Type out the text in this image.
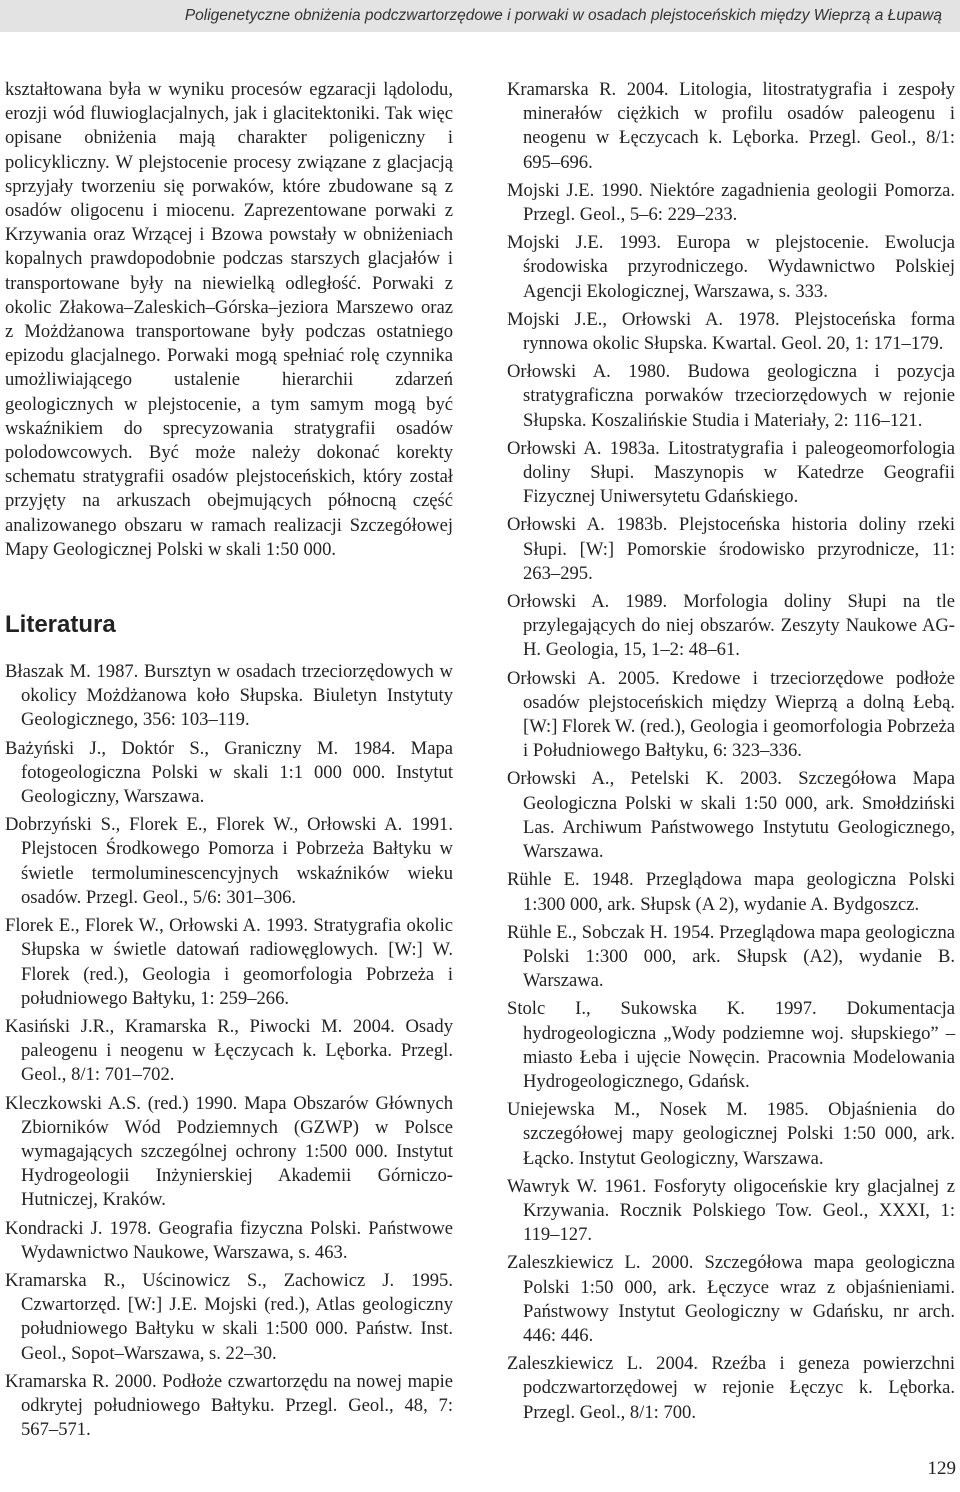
Poligenetyczne obniżenia podczwartorzędowe i porwaki w osadach plejstoceńskich między Wieprzą a Łupawą

kształtowana była w wyniku procesów egzaracji lądolodu, erozji wód fluwioglacjalnych, jak i glacitektoniki. Tak więc opisane obniżenia mają charakter poligeniczny i policykliczny. W plejstocenie procesy związane z glacjacją sprzyjały tworzeniu się porwaków, które zbudowane są z osadów oligocenu i miocenu. Zaprezentowane porwaki z Krzywania oraz Wrzącej i Bzowa powstały w obniżeniach kopalnych prawdopodobnie podczas starszych glacjałów i transportowane były na niewielką odległość. Porwaki z okolic Złakowa–Zaleskich–Górska–jeziora Marszewo oraz z Możdżanowa transportowane były podczas ostatniego epizodu glacjalnego. Porwaki mogą spełniać rolę czynnika umożliwiającego ustalenie hierarchii zdarzeń geologicznych w plejstocenie, a tym samym mogą być wskaźnikiem do sprecyzowania stratygrafii osadów polodowcowych. Być może należy dokonać korekty schematu stratygrafii osadów plejstoceńskich, który został przyjęty na arkuszach obejmujących północną część analizowanego obszaru w ramach realizacji Szczegółowej Mapy Geologicznej Polski w skali 1:50 000.

Literatura

Błaszak M. 1987. Bursztyn w osadach trzeciorzędowych w okolicy Możdżanowa koło Słupska. Biuletyn Instytuty Geologicznego, 356: 103–119.

Bażyński J., Doktór S., Graniczny M. 1984. Mapa fotogeologiczna Polski w skali 1:1 000 000. Instytut Geologiczny, Warszawa.

Dobrzyński S., Florek E., Florek W., Orłowski A. 1991. Plejstocen Środkowego Pomorza i Pobrzeża Bałtyku w świetle termoluminescencyjnych wskaźników wieku osadów. Przegl. Geol., 5/6: 301–306.

Florek E., Florek W., Orłowski A. 1993. Stratygrafia okolic Słupska w świetle datowań radiowęglowych. [W:] W. Florek (red.), Geologia i geomorfologia Pobrzeża i południowego Bałtyku, 1: 259–266.

Kasiński J.R., Kramarska R., Piwocki M. 2004. Osady paleogenu i neogenu w Łęczycach k. Lęborka. Przegl. Geol., 8/1: 701–702.

Kleczkowski A.S. (red.) 1990. Mapa Obszarów Głównych Zbiorników Wód Podziemnych (GZWP) w Polsce wymagających szczególnej ochrony 1:500 000. Instytut Hydrogeologii Inżynierskiej Akademii Górniczo-Hutniczej, Kraków.

Kondracki J. 1978. Geografia fizyczna Polski. Państwowe Wydawnictwo Naukowe, Warszawa, s. 463.

Kramarska R., Uścinowicz S., Zachowicz J. 1995. Czwartorzęd. [W:] J.E. Mojski (red.), Atlas geologiczny południowego Bałtyku w skali 1:500 000. Państw. Inst. Geol., Sopot–Warszawa, s. 22–30.

Kramarska R. 2000. Podłoże czwartorzędu na nowej mapie odkrytej południowego Bałtyku. Przegl. Geol., 48, 7: 567–571.

Kramarska R. 2004. Litologia, litostratygrafia i zespoły minerałów ciężkich w profilu osadów paleogenu i neogenu w Łęczycach k. Lęborka. Przegl. Geol., 8/1: 695–696.

Mojski J.E. 1990. Niektóre zagadnienia geologii Pomorza. Przegl. Geol., 5–6: 229–233.

Mojski J.E. 1993. Europa w plejstocenie. Ewolucja środowiska przyrodniczego. Wydawnictwo Polskiej Agencji Ekologicznej, Warszawa, s. 333.

Mojski J.E., Orłowski A. 1978. Plejstoceńska forma rynnowa okolic Słupska. Kwartal. Geol. 20, 1: 171–179.

Orłowski A. 1980. Budowa geologiczna i pozycja stratygraficzna porwaków trzeciorzędowych w rejonie Słupska. Koszalińskie Studia i Materiały, 2: 116–121.

Orłowski A. 1983a. Litostratygrafia i paleogeomorfologia doliny Słupi. Maszynopis w Katedrze Geografii Fizycznej Uniwersytetu Gdańskiego.

Orłowski A. 1983b. Plejstoceńska historia doliny rzeki Słupi. [W:] Pomorskie środowisko przyrodnicze, 11: 263–295.

Orłowski A. 1989. Morfologia doliny Słupi na tle przylegających do niej obszarów. Zeszyty Naukowe AG-H. Geologia, 15, 1–2: 48–61.

Orłowski A. 2005. Kredowe i trzeciorzędowe podłoże osadów plejstoceńskich między Wieprzą a dolną Łebą. [W:] Florek W. (red.), Geologia i geomorfologia Pobrzeża i Południowego Bałtyku, 6: 323–336.

Orłowski A., Petelski K. 2003. Szczegółowa Mapa Geologiczna Polski w skali 1:50 000, ark. Smołdziński Las. Archiwum Państwowego Instytutu Geologicznego, Warszawa.

Rühle E. 1948. Przeglądowa mapa geologiczna Polski 1:300 000, ark. Słupsk (A 2), wydanie A. Bydgoszcz.

Rühle E., Sobczak H. 1954. Przeglądowa mapa geologiczna Polski 1:300 000, ark. Słupsk (A2), wydanie B. Warszawa.

Stolc I., Sukowska K. 1997. Dokumentacja hydrogeologiczna „Wody podziemne woj. słupskiego” – miasto Łeba i ujęcie Nowęcin. Pracownia Modelowania Hydrogeologicznego, Gdańsk.

Uniejewska M., Nosek M. 1985. Objaśnienia do szczegółowej mapy geologicznej Polski 1:50 000, ark. Łącko. Instytut Geologiczny, Warszawa.

Wawryk W. 1961. Fosforyty oligoceńskie kry glacjalnej z Krzywania. Rocznik Polskiego Tow. Geol., XXXI, 1: 119–127.

Zaleszkiewicz L. 2000. Szczegółowa mapa geologiczna Polski 1:50 000, ark. Łęczyce wraz z objaśnieniami. Państwowy Instytut Geologiczny w Gdańsku, nr arch. 446: 446.

Zaleszkiewicz L. 2004. Rzeźba i geneza powierzchni podczwartorzędowej w rejonie Łęczyc k. Lęborka. Przegl. Geol., 8/1: 700.

129
